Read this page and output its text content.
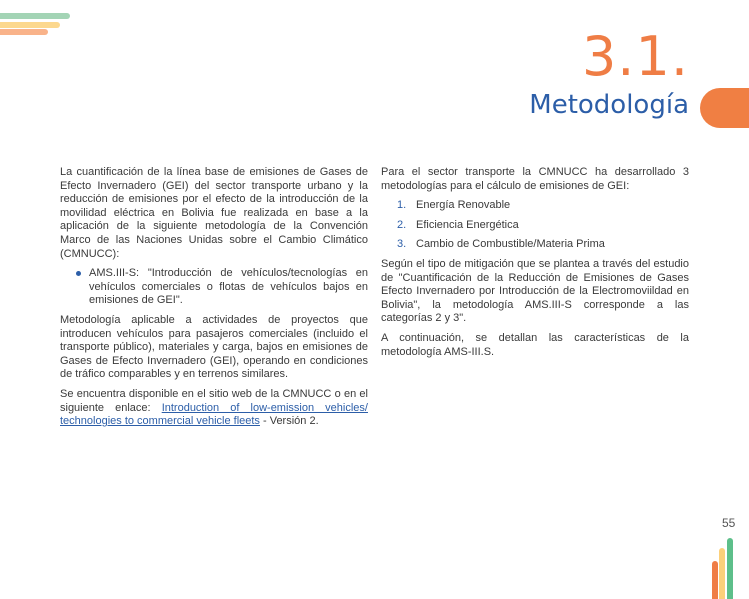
3.1.
Metodología

La cuantificación de la línea base de emisiones de Gases de Efecto Invernadero (GEI) del sector transporte urbano y la reducción de emisiones por el efecto de la introducción de la movilidad eléctrica en Bolivia fue realizada en base a la aplicación de la siguiente metodología de la Convención Marco de las Naciones Unidas sobre el Cambio Climático (CMNUCC):

AMS.III-S: "Introducción de vehículos/tecnologías en vehículos comerciales o flotas de vehículos bajos en emisiones de GEI".

Metodología aplicable a actividades de proyectos que introducen vehículos para pasajeros comerciales (incluido el transporte público), materiales y carga, bajos en emisiones de Gases de Efecto Invernadero (GEI), operando en condiciones de tráfico comparables y en terrenos similares.

Se encuentra disponible en el sitio web de la CMNUCC o en el siguiente enlace: Introduction of low-emission vehicles/ technologies to commercial vehicle fleets - Versión 2.

Para el sector transporte la CMNUCC ha desarrollado 3 metodologías para el cálculo de emisiones de GEI:

1. Energía Renovable
2. Eficiencia Energética
3. Cambio de Combustible/Materia Prima

Según el tipo de mitigación que se plantea a través del estudio de "Cuantificación de la Reducción de Emisiones de Gases Efecto Invernadero por Introducción de la Electromoviildad en Bolivia", la metodología AMS.III-S corresponde a las categorías 2 y 3".

A continuación, se detallan las características de la metodología AMS-III.S.

55
